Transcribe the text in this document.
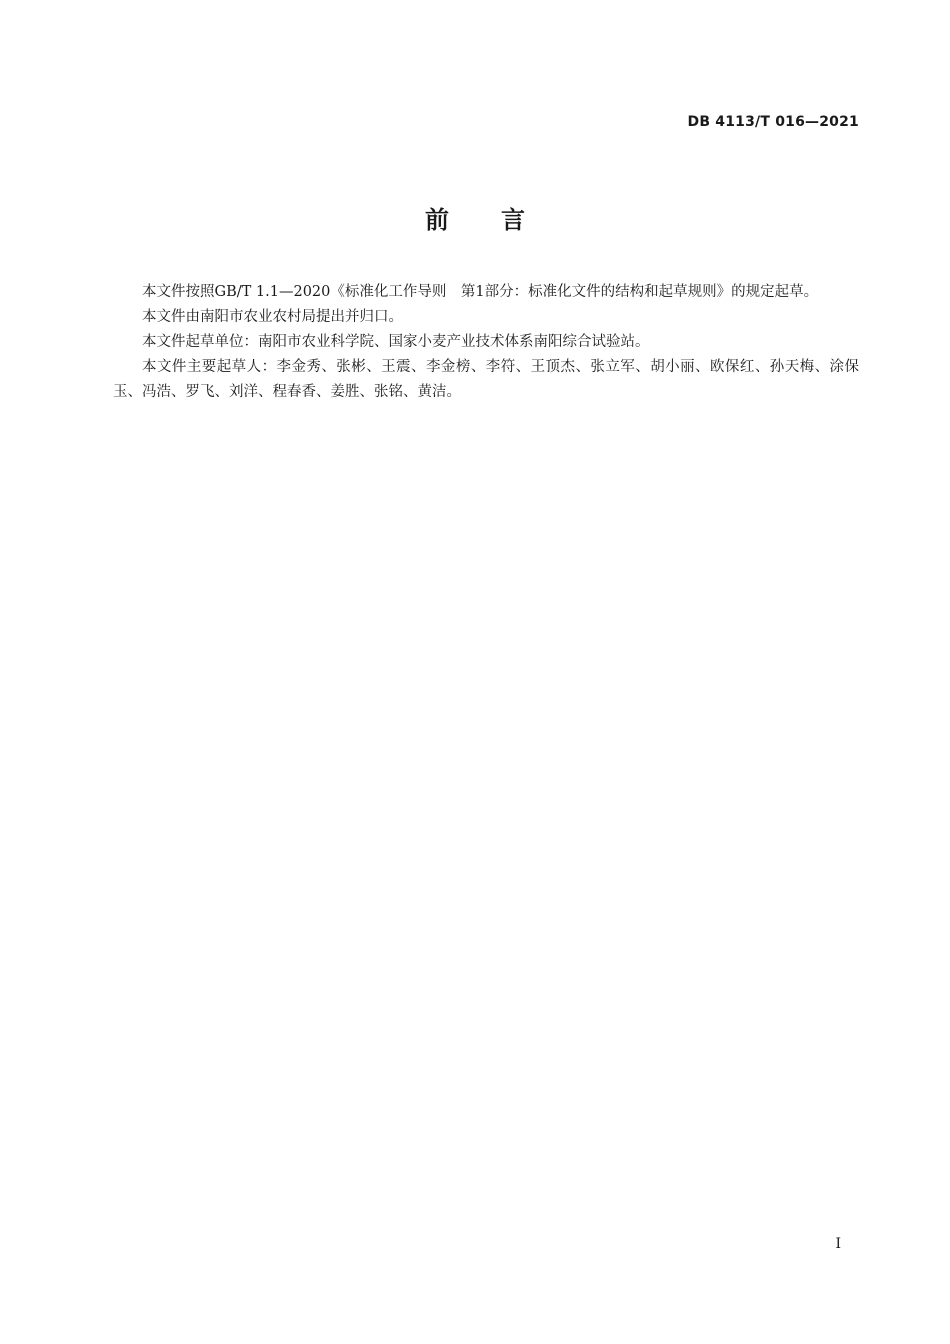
DB 4113/T 016—2021
前言

本文件按照GB/T 1.1—2020《标准化工作导则　第1部分：标准化文件的结构和起草规则》的规定起草。

本文件由南阳市农业农村局提出并归口。

本文件起草单位：南阳市农业科学院、国家小麦产业技术体系南阳综合试验站。

本文件主要起草人：李金秀、张彬、王震、李金榜、李符、王顶杰、张立军、胡小丽、欧保红、孙天梅、涂保玉、冯浩、罗飞、刘洋、程春香、姜胜、张铭、黄洁。

I
